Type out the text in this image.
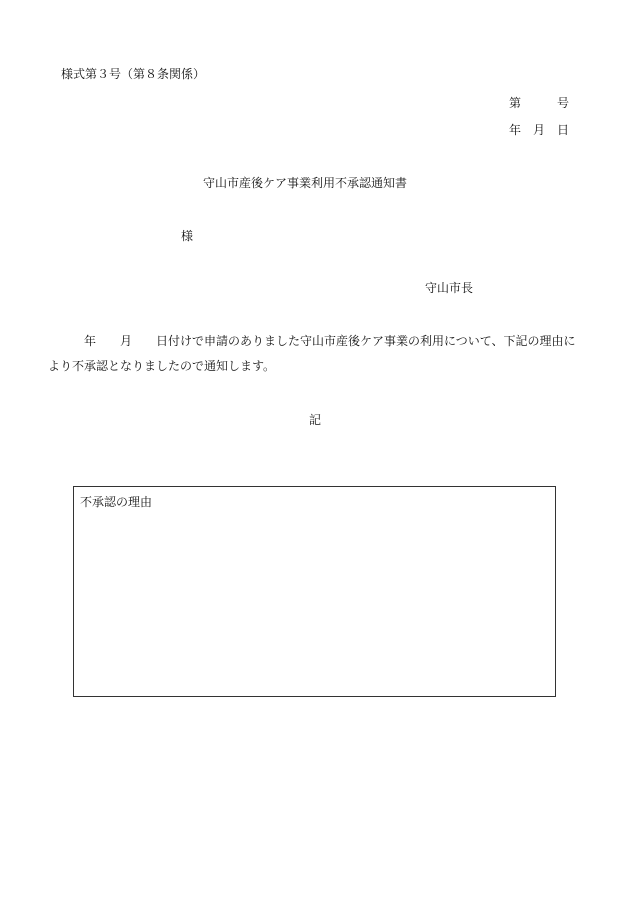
様式第３号（第８条関係）
第	号
年 月 日
守山市産後ケア事業利用不承認通知書
様
守山市長
年 月 日付けで申請のありました守山市産後ケア事業の利用について、下記の理由に
より不承認となりましたので通知します。
記
不承認の理由
